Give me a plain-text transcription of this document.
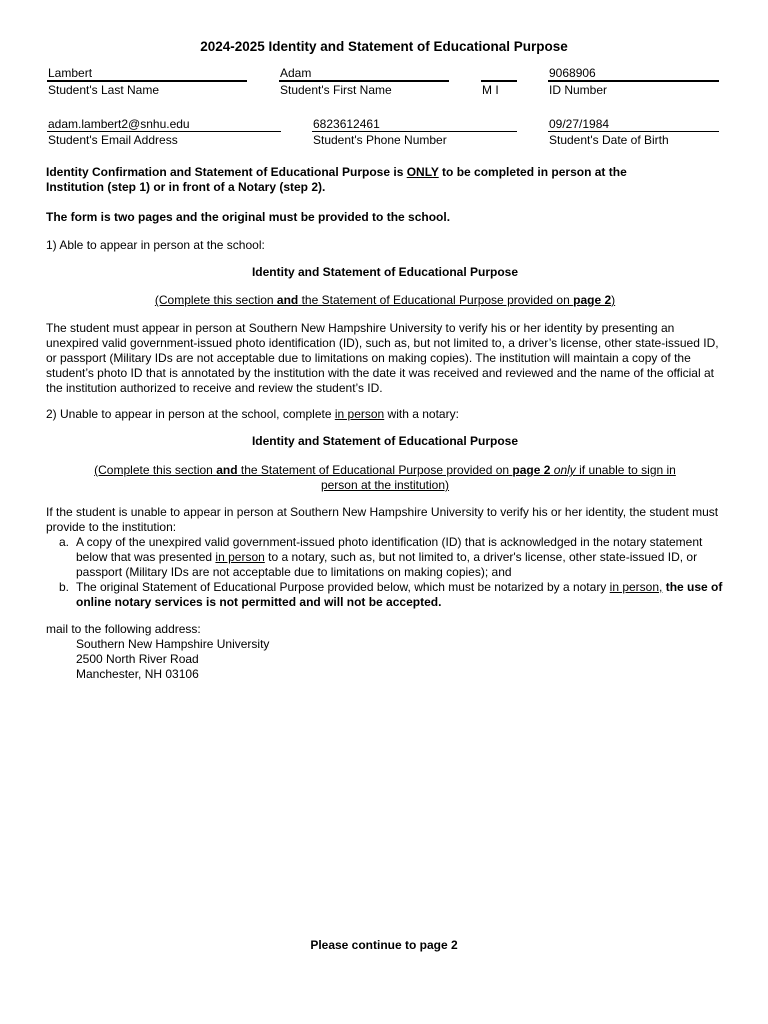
2024-2025 Identity and Statement of Educational Purpose
Lambert
Student's Last Name
Adam
Student's First Name	M I
9068906
ID Number
adam.lambert2@snhu.edu
Student's Email Address
6823612461
Student's Phone Number
09/27/1984
Student's Date of Birth
Identity Confirmation and Statement of Educational Purpose is ONLY to be completed in person at the
Institution (step 1) or in front of a Notary (step 2).
The form is two pages and the original must be provided to the school.
1) Able to appear in person at the school:
Identity and Statement of Educational Purpose
(Complete this section and the Statement of Educational Purpose provided on page 2)
The student must appear in person at Southern New Hampshire University to verify his or her identity by presenting an unexpired valid government-issued photo identification (ID), such as, but not limited to, a driver’s license, other state-issued ID, or passport (Military IDs are not acceptable due to limitations on making copies). The institution will maintain a copy of the student’s photo ID that is annotated by the institution with the date it was received and reviewed and the name of the official at the institution authorized to receive and review the student’s ID.
2) Unable to appear in person at the school, complete in person with a notary:
Identity and Statement of Educational Purpose
(Complete this section and the Statement of Educational Purpose provided on page 2 only if unable to sign in
person at the institution)
If the student is unable to appear in person at Southern New Hampshire University to verify his or her identity, the student must provide to the institution:
a. A copy of the unexpired valid government-issued photo identification (ID) that is acknowledged in the notary statement below that was presented in person to a notary, such as, but not limited to, a driver's license, other state-issued ID, or passport (Military IDs are not acceptable due to limitations on making copies); and
b. The original Statement of Educational Purpose provided below, which must be notarized by a notary in person, the use of online notary services is not permitted and will not be accepted.
mail to the following address:
Southern New Hampshire University
2500 North River Road
Manchester, NH 03106
Please continue to page 2
